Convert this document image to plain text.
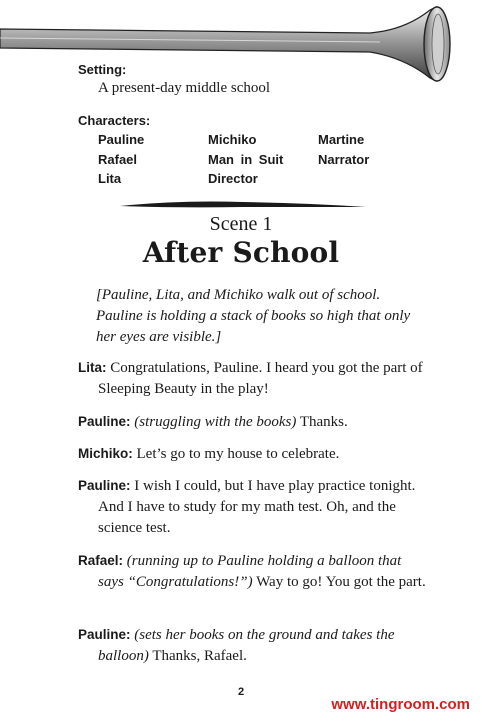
Setting:
A present-day middle school
Characters:
Pauline
Rafael
Lita
Michiko
Man in Suit
Director
Martine
Narrator
Scene 1
After School
[Pauline, Lita, and Michiko walk out of school. Pauline is holding a stack of books so high that only her eyes are visible.]
Lita: Congratulations, Pauline. I heard you got the part of Sleeping Beauty in the play!
Pauline: (struggling with the books) Thanks.
Michiko: Let’s go to my house to celebrate.
Pauline: I wish I could, but I have play practice tonight. And I have to study for my math test. Oh, and the science test.
Rafael: (running up to Pauline holding a balloon that says “Congratulations!”) Way to go! You got the part.
Pauline: (sets her books on the ground and takes the balloon) Thanks, Rafael.
2
www.tingroom.com
